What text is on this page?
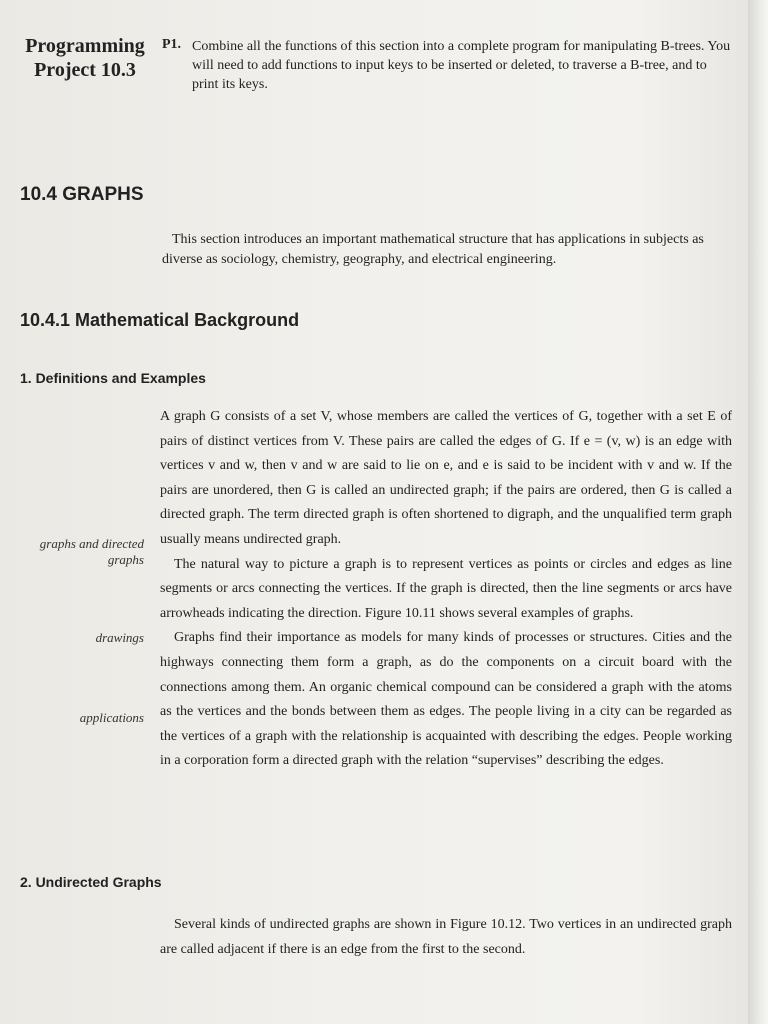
Programming
Project 10.3
P1. Combine all the functions of this section into a complete program for manipulating B-trees. You will need to add functions to input keys to be inserted or deleted, to traverse a B-tree, and to print its keys.
10.4 GRAPHS
This section introduces an important mathematical structure that has applications in subjects as diverse as sociology, chemistry, geography, and electrical engineering.
10.4.1 Mathematical Background
1. Definitions and Examples

A graph G consists of a set V, whose members are called the vertices of G, together with a set E of pairs of distinct vertices from V. These pairs are called the edges of G. If e = (v, w) is an edge with vertices v and w, then v and w are said to lie on e, and e is said to be incident with v and w. If the pairs are unordered, then G is called an undirected graph; if the pairs are ordered, then G is called a directed graph. The term directed graph is often shortened to digraph, and the unqualified term graph usually means undirected graph.

The natural way to picture a graph is to represent vertices as points or circles and edges as line segments or arcs connecting the vertices. If the graph is directed, then the line segments or arcs have arrowheads indicating the direction. Figure 10.11 shows several examples of graphs.

Graphs find their importance as models for many kinds of processes or structures. Cities and the highways connecting them form a graph, as do the components on a circuit board with the connections among them. An organic chemical compound can be considered a graph with the atoms as the vertices and the bonds between them as edges. The people living in a city can be regarded as the vertices of a graph with the relationship is acquainted with describing the edges. People working in a corporation form a directed graph with the relation “supervises” describing the edges.

graphs and directed graphs
drawings
applications
2. Undirected Graphs

Several kinds of undirected graphs are shown in Figure 10.12. Two vertices in an undirected graph are called adjacent if there is an edge from the first to the second.
